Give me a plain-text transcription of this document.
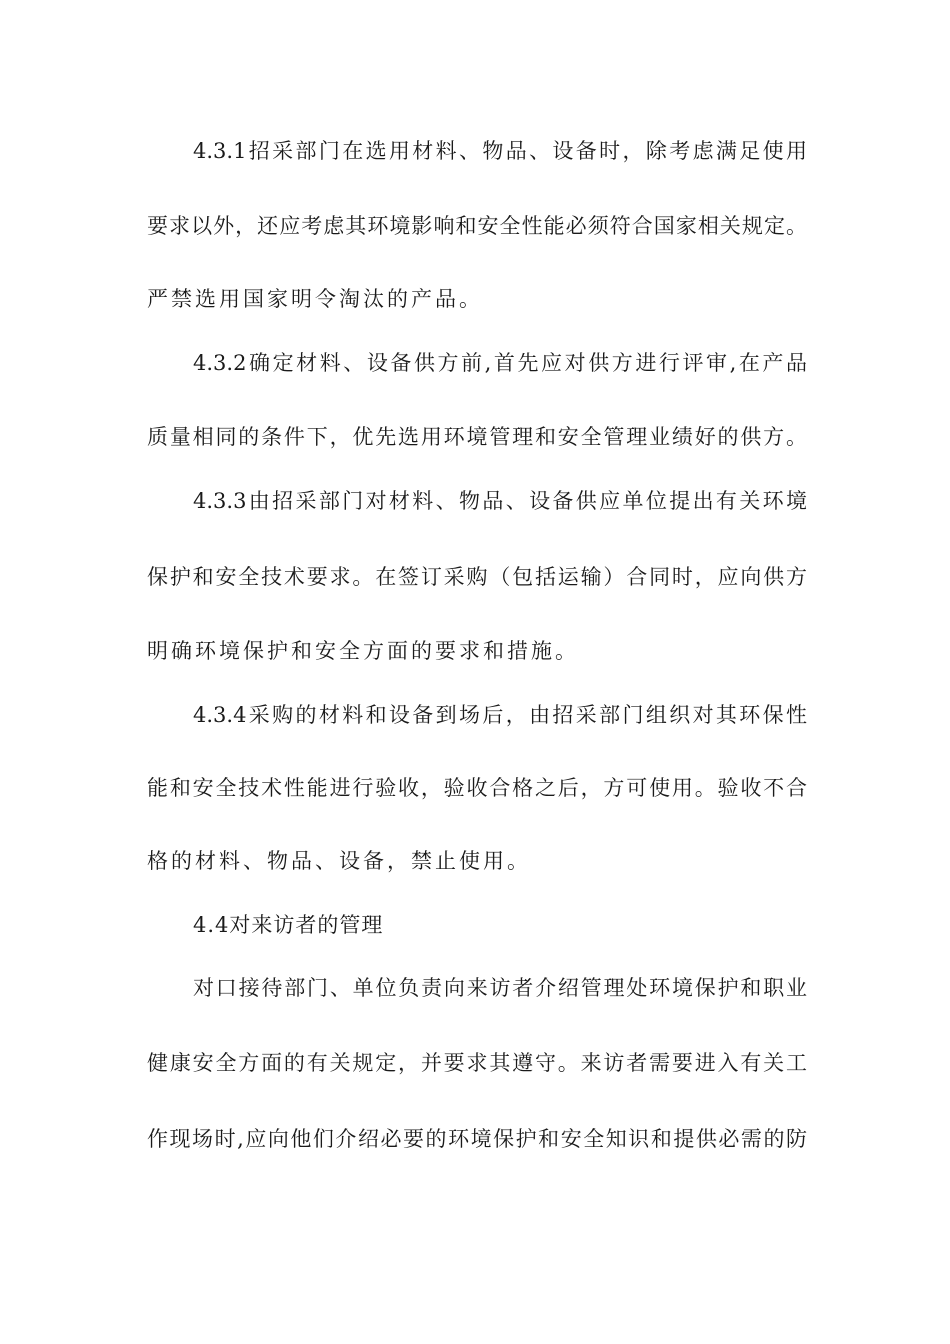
4.3.1招采部门在选用材料、物品、设备时，除考虑满足使用
要求以外，还应考虑其环境影响和安全性能必须符合国家相关规定。
严禁选用国家明令淘汰的产品。
4.3.2确定材料、设备供方前,首先应对供方进行评审,在产品
质量相同的条件下，优先选用环境管理和安全管理业绩好的供方。
4.3.3由招采部门对材料、物品、设备供应单位提出有关环境
保护和安全技术要求。在签订采购（包括运输）合同时，应向供方
明确环境保护和安全方面的要求和措施。
4.3.4采购的材料和设备到场后，由招采部门组织对其环保性
能和安全技术性能进行验收，验收合格之后，方可使用。验收不合
格的材料、物品、设备，禁止使用。
4.4对来访者的管理
对口接待部门、单位负责向来访者介绍管理处环境保护和职业
健康安全方面的有关规定，并要求其遵守。来访者需要进入有关工
作现场时,应向他们介绍必要的环境保护和安全知识和提供必需的防
